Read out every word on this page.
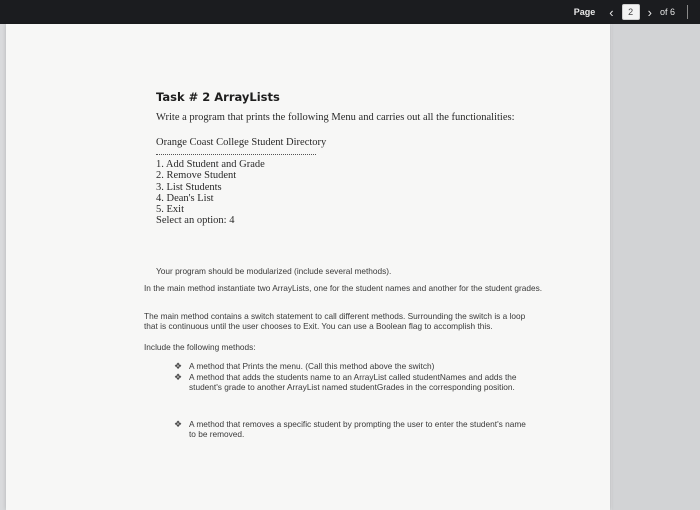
Page ‹	2	› of 6
Task # 2 ArrayLists
Write a program that prints the following Menu and carries out all the functionalities:
Orange Coast College Student Directory
1. Add Student and Grade
2. Remove Student
3. List Students
4. Dean's List
5. Exit
Select an option: 4
Your program should be modularized (include several methods).
In the main method instantiate two ArrayLists, one for the student names and another for the student grades.
The main method contains a switch statement to call different methods. Surrounding the switch is a loop that is continuous until the user chooses to Exit. You can use a Boolean flag to accomplish this.
Include the following methods:
❖ A method that Prints the menu. (Call this method above the switch)
❖ A method that adds the students name to an ArrayList called studentNames and adds the student's grade to another ArrayList named studentGrades in the corresponding position.
❖ A method that removes a specific student by prompting the user to enter the student's name to be removed.
